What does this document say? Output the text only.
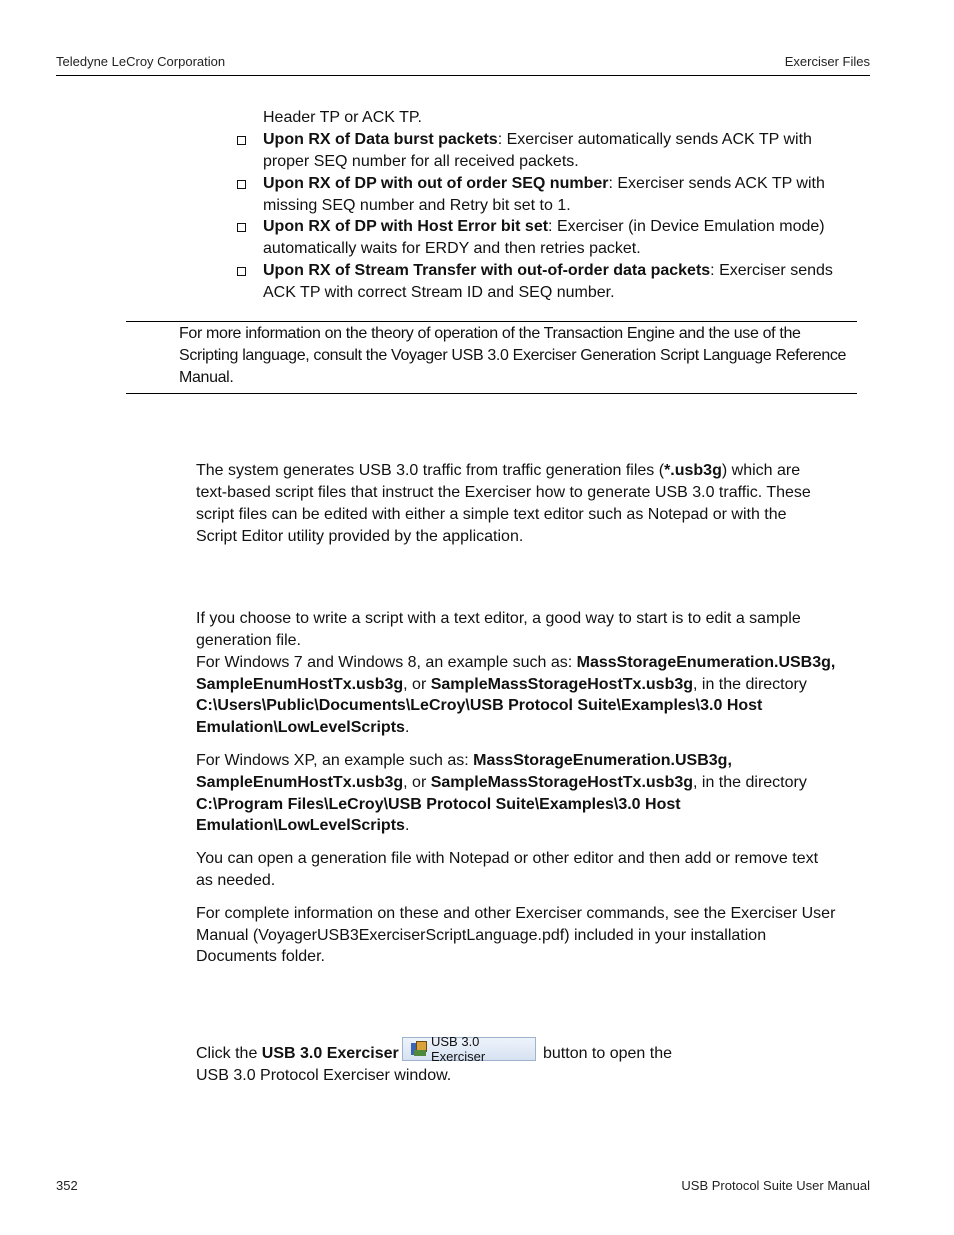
Teledyne LeCroy Corporation	Exerciser Files
Header TP or ACK TP.
Upon RX of Data burst packets: Exerciser automatically sends ACK TP with
proper SEQ number for all received packets.
Upon RX of DP with out of order SEQ number: Exerciser sends ACK TP with
missing SEQ number and Retry bit set to 1.
Upon RX of DP with Host Error bit set: Exerciser (in Device Emulation mode)
automatically waits for ERDY and then retries packet.
Upon RX of Stream Transfer with out-of-order data packets: Exerciser sends
ACK TP with correct Stream ID and SEQ number.
For more information on the theory of operation of the Transaction Engine and the use of the
Scripting language, consult the Voyager USB 3.0 Exerciser Generation Script Language Reference
Manual.
The system generates USB 3.0 traffic from traffic generation files (*.usb3g) which are
text-based script files that instruct the Exerciser how to generate USB 3.0 traffic. These
script files can be edited with either a simple text editor such as Notepad or with the
Script Editor utility provided by the application.
If you choose to write a script with a text editor, a good way to start is to edit a sample
generation file.
For Windows 7 and Windows 8, an example such as: MassStorageEnumeration.USB3g,
SampleEnumHostTx.usb3g, or SampleMassStorageHostTx.usb3g, in the directory
C:\Users\Public\Documents\LeCroy\USB Protocol Suite\Examples\3.0 Host
Emulation\LowLevelScripts.
For Windows XP, an example such as: MassStorageEnumeration.USB3g,
SampleEnumHostTx.usb3g, or SampleMassStorageHostTx.usb3g, in the directory
C:\Program Files\LeCroy\USB Protocol Suite\Examples\3.0 Host
Emulation\LowLevelScripts.
You can open a generation file with Notepad or other editor and then add or remove text
as needed.
For complete information on these and other Exerciser commands, see the Exerciser User
Manual (VoyagerUSB3ExerciserScriptLanguage.pdf) included in your installation
Documents folder.
Click the USB 3.0 Exerciser
USB 3.0 Exerciser	button to open the
USB 3.0 Protocol Exerciser window.
352	USB Protocol Suite User Manual
